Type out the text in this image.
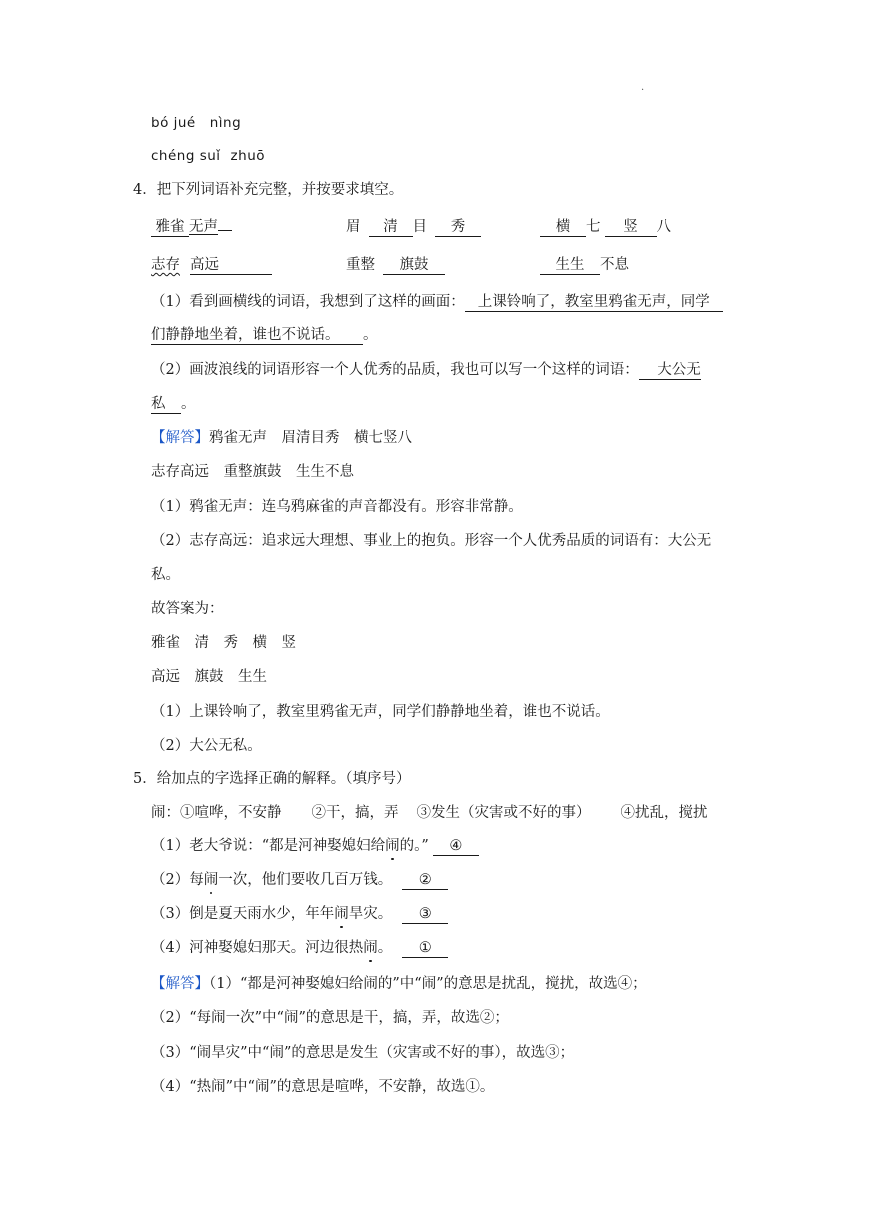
.
bó jué nìng
chéng suǐ zhuō
4．把下列词语补充完整，并按要求填空。
雅雀 无声	眉 清 目 秀	横 七 竖 八
志存 高远	重整 旗鼓	生生 不息
（1）看到画横线的词语，我想到了这样的画面： 上课铃响了，教室里鸦雀无声，同学
们静静地坐着，谁也不说话。 。
（2）画波浪线的词语形容一个人优秀的品质，我也可以写一个这样的词语： 大公无
私 。
【解答】鸦雀无声　眉清目秀　横七竖八
志存高远　重整旗鼓　生生不息
（1）鸦雀无声：连乌鸦麻雀的声音都没有。形容非常静。
（2）志存高远：追求远大理想、事业上的抱负。形容一个人优秀品质的词语有：大公无
私。
故答案为：
雅雀　清　秀　横　竖
高远　旗鼓　生生
（1）上课铃响了，教室里鸦雀无声，同学们静静地坐着，谁也不说话。
（2）大公无私。
5．给加点的字选择正确的解释。（填序号）
闹：①喧哗，不安静 ②干，搞，弄 ③发生（灾害或不好的事） ④扰乱，搅扰
（1）老大爷说：“都是河神娶媳妇给闹的。” ④
（2）每闹一次，他们要收几百万钱。 ②
（3）倒是夏天雨水少，年年闹旱灾。 ③
（4）河神娶媳妇那天。河边很热闹。 ①
【解答】（1）“都是河神娶媳妇给闹的”中“闹”的意思是扰乱，搅扰，故选④；
（2）“每闹一次”中“闹”的意思是干，搞，弄，故选②；
（3）“闹旱灾”中“闹”的意思是发生（灾害或不好的事），故选③；
（4）“热闹”中“闹”的意思是喧哗，不安静，故选①。
